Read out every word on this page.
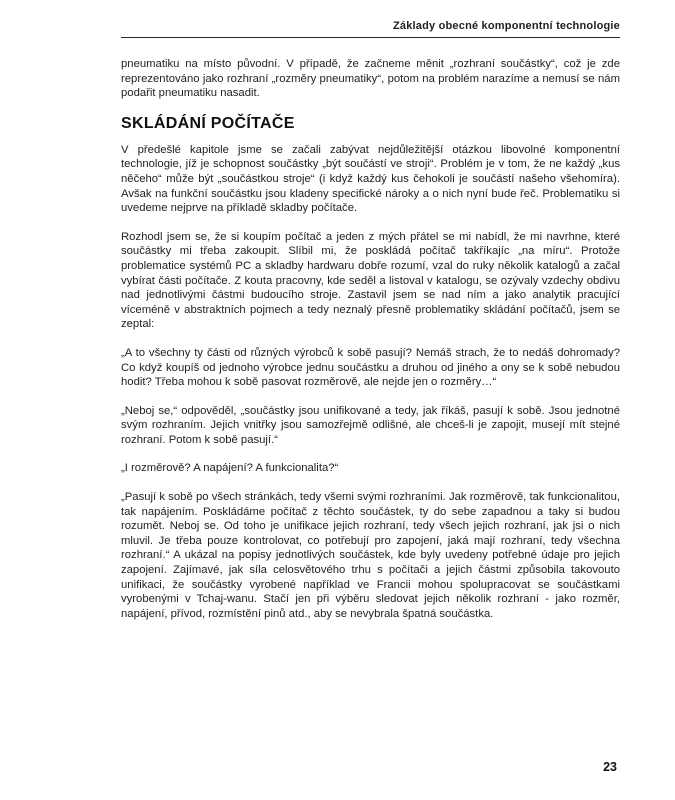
Základy obecné komponentní technologie

pneumatiku na místo původní. V případě, že začneme měnit „rozhraní součástky“, což je zde reprezentováno jako rozhraní „rozměry pneumatiky“, potom na problém narazíme a nemusí se nám podařit pneumatiku nasadit.

SKLÁDÁNÍ POČÍTAČE

V předešlé kapitole jsme se začali zabývat nejdůležitější otázkou libovolné komponentní technologie, jíž je schopnost součástky „být součástí ve stroji“. Problém je v tom, že ne každý „kus něčeho“ může být „součástkou stroje“ (i když každý kus čehokoli je součástí našeho všehomíra). Avšak na funkční součástku jsou kladeny specifické nároky a o nich nyní bude řeč. Problematiku si uvedeme nejprve na příkladě skladby počítače.

Rozhodl jsem se, že si koupím počítač a jeden z mých přátel se mi nabídl, že mi navrhne, které součástky mi třeba zakoupit. Slíbil mi, že poskládá počítač takříkajíc „na míru“. Protože problematice systémů PC a skladby hardwaru dobře rozumí, vzal do ruky několik katalogů a začal vybírat části počítače. Z kouta pracovny, kde seděl a listoval v katalogu, se ozývaly vzdechy obdivu nad jednotlivými částmi budoucího stroje. Zastavil jsem se nad ním a jako analytik pracující víceméně v abstraktních pojmech a tedy neznalý přesně problematiky skládání počítačů, jsem se zeptal:

„A to všechny ty části od různých výrobců k sobě pasují? Nemáš strach, že to nedáš dohromady? Co když koupíš od jednoho výrobce jednu součástku a druhou od jiného a ony se k sobě nebudou hodit? Třeba mohou k sobě pasovat rozměrově, ale nejde jen o rozměry…“

„Neboj se,“ odpověděl, „součástky jsou unifikované a tedy, jak říkáš, pasují k sobě. Jsou jednotné svým rozhraním. Jejich vnitřky jsou samozřejmě odlišné, ale chceš-li je zapojit, musejí mít stejné rozhraní. Potom k sobě pasují.“

„I rozměrově? A napájení? A funkcionalita?“

„Pasují k sobě po všech stránkách, tedy všemi svými rozhraními. Jak rozměrově, tak funkcionalitou, tak napájením. Poskládáme počítač z těchto součástek, ty do sebe zapadnou a taky si budou rozumět. Neboj se. Od toho je unifikace jejich rozhraní, tedy všech jejich rozhraní, jak jsi o nich mluvil. Je třeba pouze kontrolovat, co potřebují pro zapojení, jaká mají rozhraní, tedy všechna rozhraní.“ A ukázal na popisy jednotlivých součástek, kde byly uvedeny potřebné údaje pro jejich zapojení. Zajímavé, jak síla celosvětového trhu s počítači a jejich částmi způsobila takovouto unifikaci, že součástky vyrobené například ve Francii mohou spolupracovat se součástkami vyrobenými v Tchaj-wanu. Stačí jen při výběru sledovat jejich několik rozhraní - jako rozměr, napájení, přívod, rozmístění pinů atd., aby se nevybrala špatná součástka.

23
